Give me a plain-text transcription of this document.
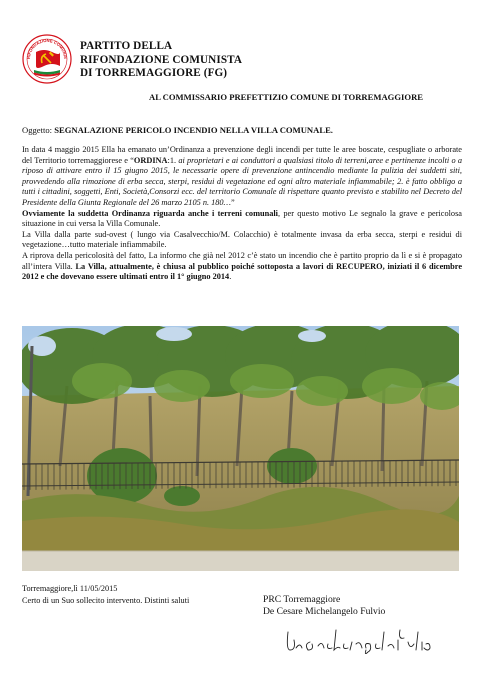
RIFONDAZIONE COMUNIS
PARTITO DELLA
RIFONDAZIONE COMUNISTA
DI TORREMAGGIORE (FG)
AL COMMISSARIO PREFETTIZIO COMUNE DI TORREMAGGIORE
Oggetto: SEGNALAZIONE PERICOLO INCENDIO NELLA VILLA COMUNALE.

In data 4 maggio 2015 Ella ha emanato un’Ordinanza a prevenzione degli incendi per tutte le aree boscate, cespugliate o arborate del Territorio torremaggiorese e “ORDINA:1. ai proprietari e ai conduttori a qualsiasi titolo di terreni,aree e pertinenze incolti o a riposo di attivare entro il 15 giugno 2015, le necessarie opere di prevenzione antincendio mediante la pulizia dei suddetti siti, provvedendo alla rimozione di erba secca, sterpi, residui di vegetazione ed ogni altro materiale infiammabile; 2. è fatto obbligo a tutti i cittadini, soggetti, Enti, Società,Consorzi ecc. del territorio Comunale di rispettare quanto previsto e stabilito nel Decreto del Presidente della Giunta Regionale del 26 marzo 2105 n. 180…”

Ovviamente la suddetta Ordinanza riguarda anche i terreni comunali, per questo motivo Le segnalo la grave e pericolosa situazione in cui versa la Villa Comunale.

La Villa dalla parte sud-ovest ( lungo via Casalvecchio/M. Colacchio) è totalmente invasa da erba secca, sterpi e residui di vegetazione…tutto materiale infiammabile.

A riprova della pericolosità del fatto, La informo che già nel 2012 c’è stato un incendio che è partito proprio da lì e si è propagato all’intera Villa. La Villa, attualmente, è chiusa al pubblico poiché sottoposta a lavori di RECUPERO, iniziati il 6 dicembre 2012 e che dovevano essere ultimati entro il 1° giugno 2014.

Torremaggiore,lì 11/05/2015
Certo di un Suo sollecito intervento. Distinti saluti	PRC Torremaggiore
De Cesare Michelangelo Fulvio
